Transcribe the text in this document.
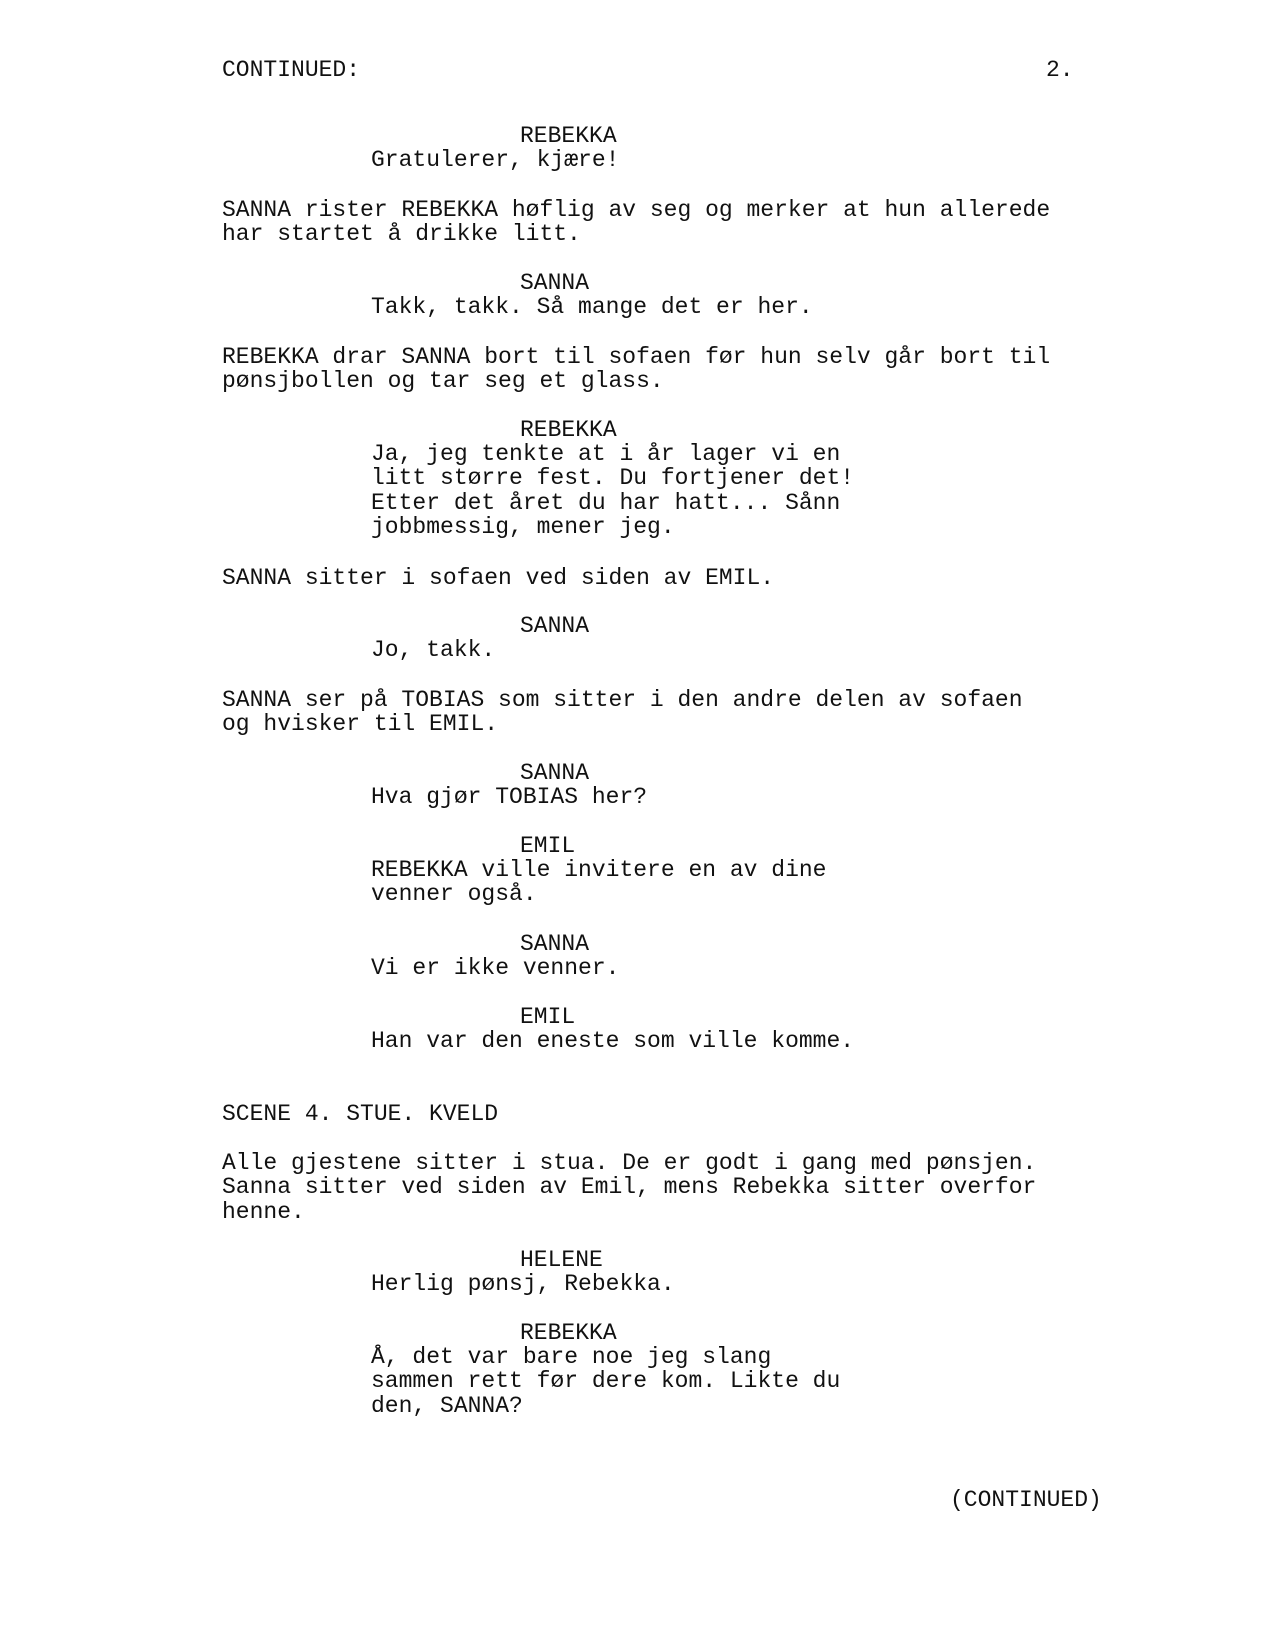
CONTINUED:	2.
REBEKKA
Gratulerer, kjære!
SANNA rister REBEKKA høflig av seg og merker at hun allerede
har startet å drikke litt.
SANNA
Takk, takk. Så mange det er her.
REBEKKA drar SANNA bort til sofaen før hun selv går bort til
pønsjbollen og tar seg et glass.
REBEKKA
Ja, jeg tenkte at i år lager vi en
litt større fest. Du fortjener det!
Etter det året du har hatt... Sånn
jobbmessig, mener jeg.
SANNA sitter i sofaen ved siden av EMIL.
SANNA
Jo, takk.
SANNA ser på TOBIAS som sitter i den andre delen av sofaen
og hvisker til EMIL.
SANNA
Hva gjør TOBIAS her?
EMIL
REBEKKA ville invitere en av dine
venner også.
SANNA
Vi er ikke venner.
EMIL
Han var den eneste som ville komme.
SCENE 4. STUE. KVELD
Alle gjestene sitter i stua. De er godt i gang med pønsjen.
Sanna sitter ved siden av Emil, mens Rebekka sitter overfor
henne.
HELENE
Herlig pønsj, Rebekka.
REBEKKA
Å, det var bare noe jeg slang
sammen rett før dere kom. Likte du
den, SANNA?
(CONTINUED)
